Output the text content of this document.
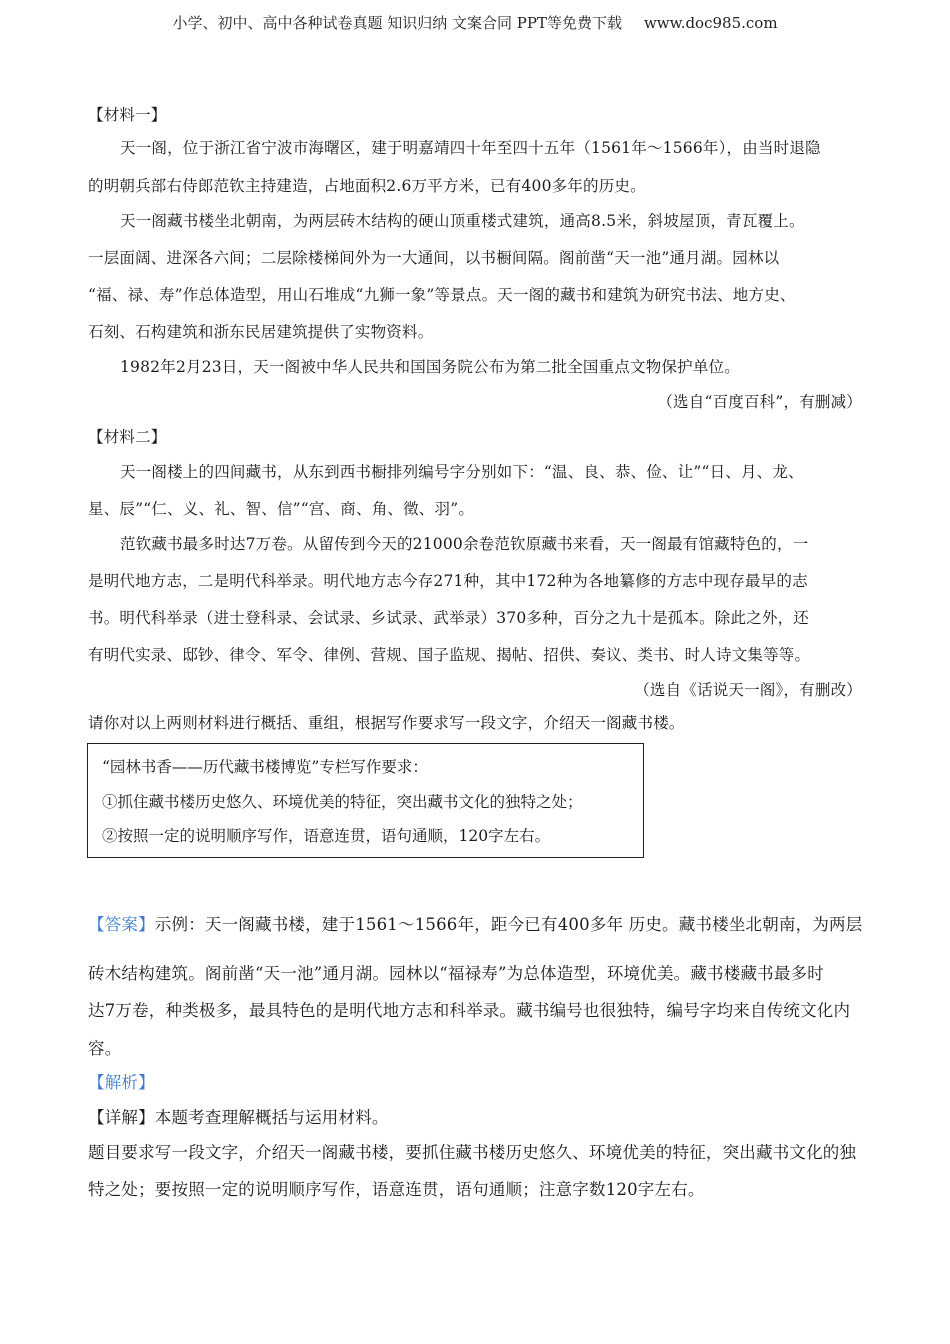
小学、初中、高中各种试卷真题 知识归纳 文案合同 PPT等免费下载 www.doc985.com
【材料一】
天一阁，位于浙江省宁波市海曙区，建于明嘉靖四十年至四十五年（1561年～1566年），由当时退隐
的明朝兵部右侍郎范钦主持建造，占地面积2.6万平方米，已有400多年的历史。
天一阁藏书楼坐北朝南，为两层砖木结构的硬山顶重楼式建筑，通高8.5米，斜坡屋顶，青瓦覆上。
一层面阔、进深各六间；二层除楼梯间外为一大通间，以书橱间隔。阁前凿“天一池”通月湖。园林以
“福、禄、寿”作总体造型，用山石堆成“九狮一象”等景点。天一阁的藏书和建筑为研究书法、地方史、
石刻、石构建筑和浙东民居建筑提供了实物资料。
1982年2月23日，天一阁被中华人民共和国国务院公布为第二批全国重点文物保护单位。
（选自“百度百科”，有删减）
【材料二】
天一阁楼上的四间藏书，从东到西书橱排列编号字分别如下：“温、良、恭、俭、让”“日、月、龙、
星、辰”“仁、义、礼、智、信”“宫、商、角、徵、羽”。
范钦藏书最多时达7万卷。从留传到今天的21000余卷范钦原藏书来看，天一阁最有馆藏特色的，一
是明代地方志，二是明代科举录。明代地方志今存271种，其中172种为各地纂修的方志中现存最早的志
书。明代科举录（进士登科录、会试录、乡试录、武举录）370多种，百分之九十是孤本。除此之外，还
有明代实录、邸钞、律令、军令、律例、营规、国子监规、揭帖、招供、奏议、类书、时人诗文集等等。
（选自《话说天一阁》，有删改）
请你对以上两则材料进行概括、重组，根据写作要求写一段文字，介绍天一阁藏书楼。
“园林书香——历代藏书楼博览”专栏写作要求：
①抓住藏书楼历史悠久、环境优美的特征，突出藏书文化的独特之处；
②按照一定的说明顺序写作，语意连贯，语句通顺，120字左右。
【答案】示例：天一阁藏书楼，建于1561～1566年，距今已有400多年 历史。藏书楼坐北朝南，为两层
砖木结构建筑。阁前凿“天一池”通月湖。园林以“福禄寿”为总体造型，环境优美。藏书楼藏书最多时
达7万卷，种类极多，最具特色的是明代地方志和科举录。藏书编号也很独特，编号字均来自传统文化内
容。
【解析】
【详解】本题考查理解概括与运用材料。
题目要求写一段文字，介绍天一阁藏书楼，要抓住藏书楼历史悠久、环境优美的特征，突出藏书文化的独
特之处；要按照一定的说明顺序写作，语意连贯，语句通顺；注意字数120字左右。
